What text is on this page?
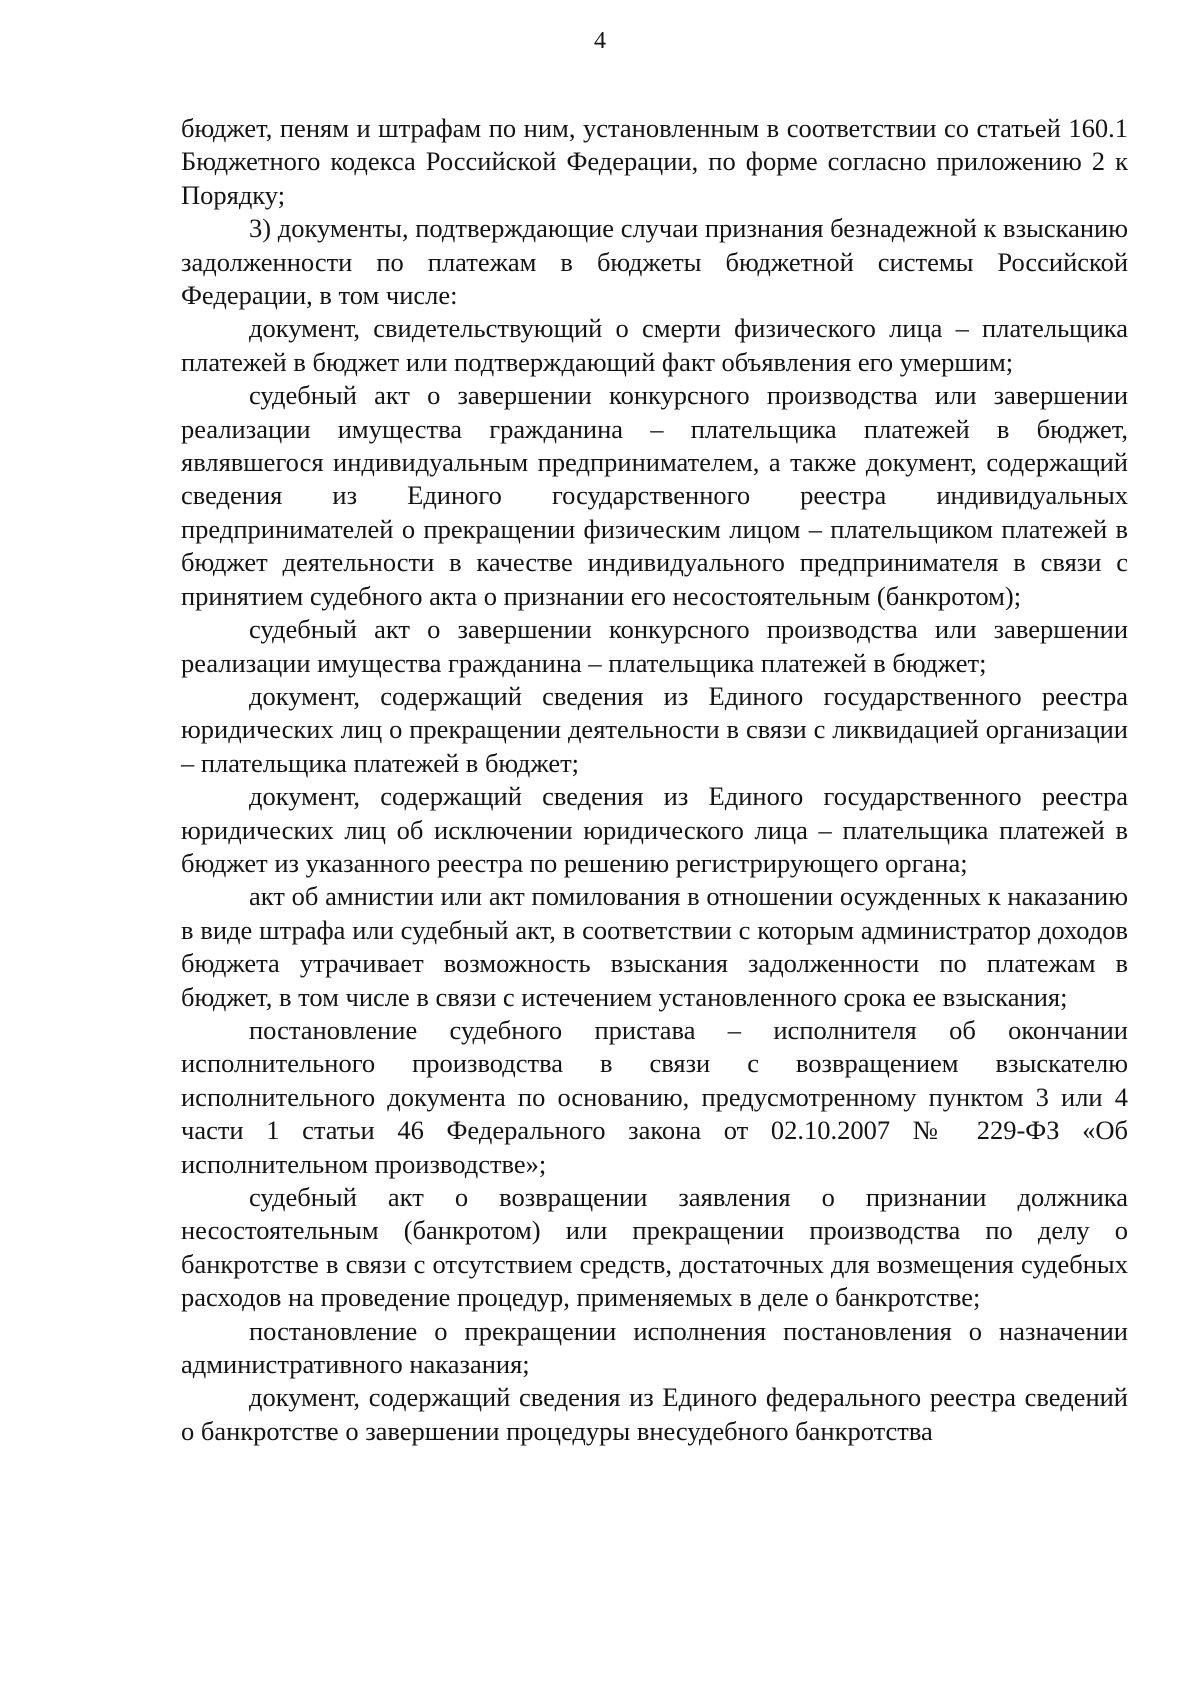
4

бюджет, пеням и штрафам по ним, установленным в соответствии со статьей 160.1 Бюджетного кодекса Российской Федерации, по форме согласно приложению 2 к Порядку;

3) документы, подтверждающие случаи признания безнадежной к взысканию задолженности по платежам в бюджеты бюджетной системы Российской Федерации, в том числе:

документ, свидетельствующий о смерти физического лица – плательщика платежей в бюджет или подтверждающий факт объявления его умершим;

судебный акт о завершении конкурсного производства или завершении реализации имущества гражданина – плательщика платежей в бюджет, являвшегося индивидуальным предпринимателем, а также документ, содержащий сведения из Единого государственного реестра индивидуальных предпринимателей о прекращении физическим лицом – плательщиком платежей в бюджет деятельности в качестве индивидуального предпринимателя в связи с принятием судебного акта о признании его несостоятельным (банкротом);

судебный акт о завершении конкурсного производства или завершении реализации имущества гражданина – плательщика платежей в бюджет;

документ, содержащий сведения из Единого государственного реестра юридических лиц о прекращении деятельности в связи с ликвидацией организации – плательщика платежей в бюджет;

документ, содержащий сведения из Единого государственного реестра юридических лиц об исключении юридического лица – плательщика платежей в бюджет из указанного реестра по решению регистрирующего органа;

акт об амнистии или акт помилования в отношении осужденных к наказанию в виде штрафа или судебный акт, в соответствии с которым администратор доходов бюджета утрачивает возможность взыскания задолженности по платежам в бюджет, в том числе в связи с истечением установленного срока ее взыскания;

постановление судебного пристава – исполнителя об окончании исполнительного производства в связи с возвращением взыскателю исполнительного документа по основанию, предусмотренному пунктом 3 или 4 части 1 статьи 46 Федерального закона от 02.10.2007 № 229-ФЗ «Об исполнительном производстве»;

судебный акт о возвращении заявления о признании должника несостоятельным (банкротом) или прекращении производства по делу о банкротстве в связи с отсутствием средств, достаточных для возмещения судебных расходов на проведение процедур, применяемых в деле о банкротстве;

постановление о прекращении исполнения постановления о назначении административного наказания;

документ, содержащий сведения из Единого федерального реестра сведений о банкротстве о завершении процедуры внесудебного банкротства
